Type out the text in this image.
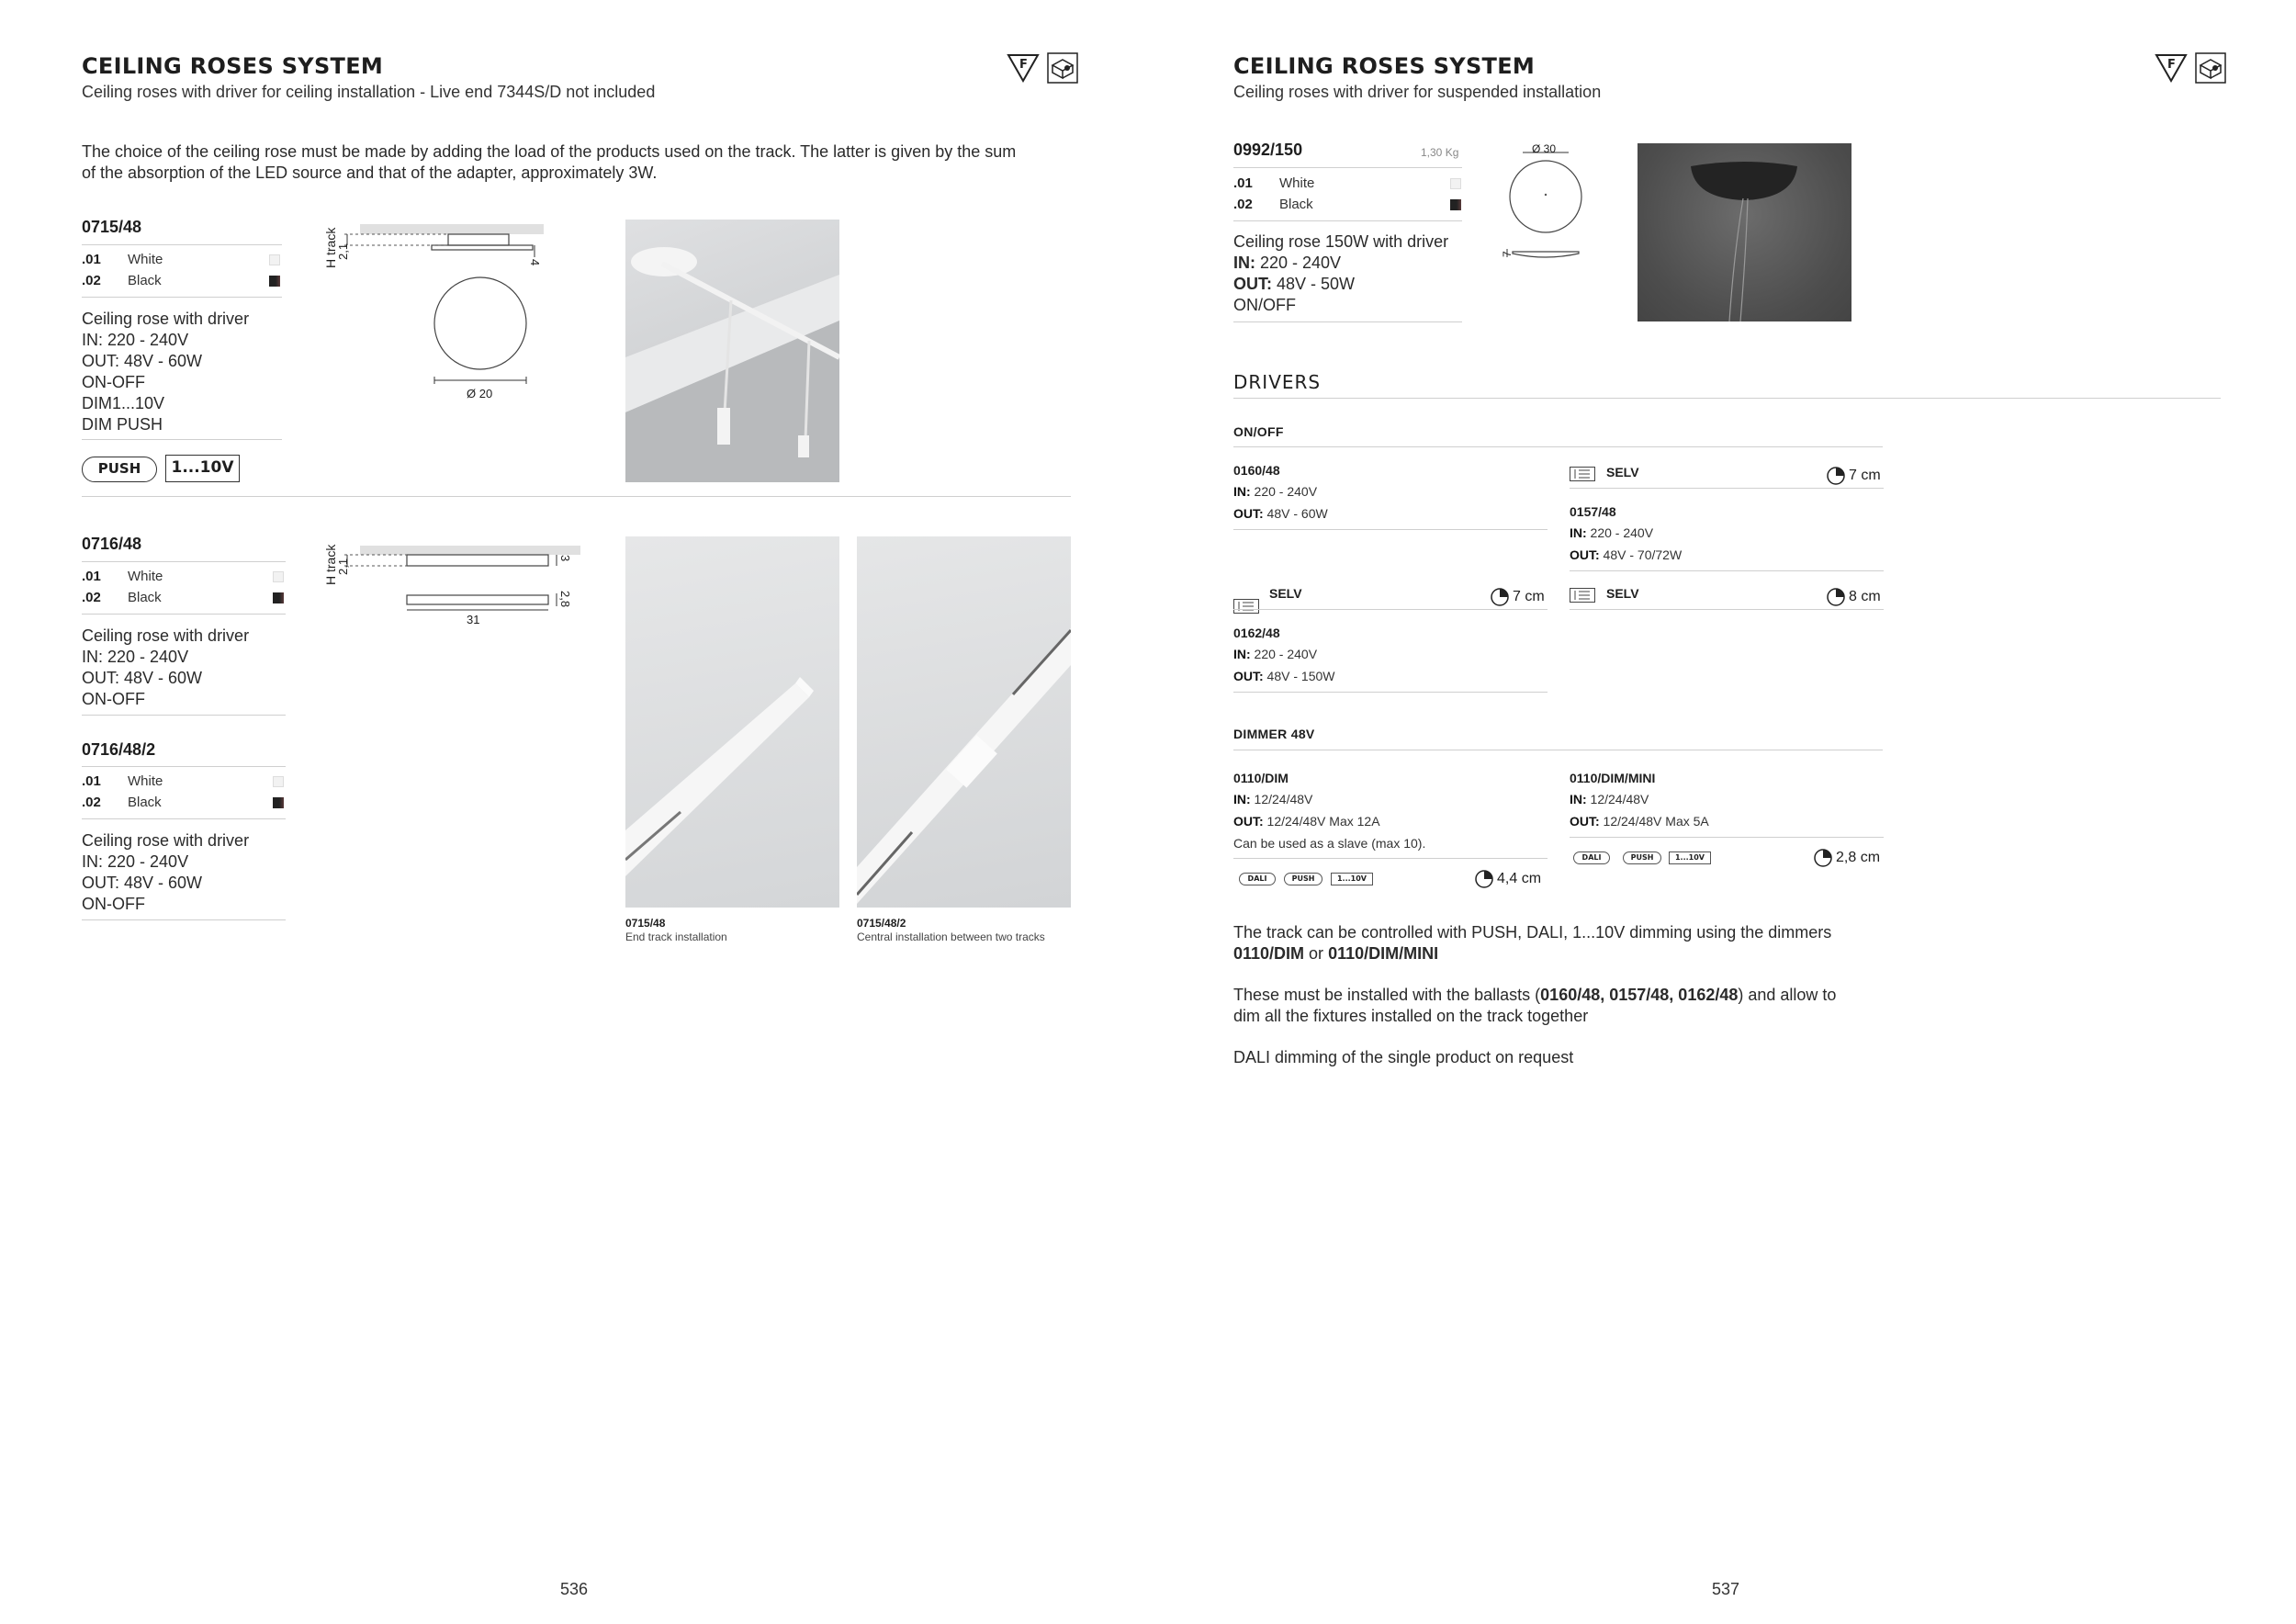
CEILING ROSES SYSTEM
Ceiling roses with driver for ceiling installation - Live end 7344S/D not included
F
The choice of the ceiling rose must be made by adding the load of the products used on the track. The latter is given by the sum
of the absorption of the LED source and that of the adapter, approximately 3W.
0715/48
.01 White
.02 Black
Ceiling rose with driver
IN: 220 - 240V
OUT: 48V - 60W
ON-OFF
DIM1...10V
DIM PUSH
PUSH	1...10V
H track
2,1
4
Ø 20
0716/48
.01 White
.02 Black
Ceiling rose with driver
IN: 220 - 240V
OUT: 48V - 60W
ON-OFF
H track
2,1
3
2,8
31
0716/48/2
.01 White
.02 Black
Ceiling rose with driver
IN: 220 - 240V
OUT: 48V - 60W
ON-OFF
0715/48
End track installation
0715/48/2
Central installation between two tracks
536
CEILING ROSES SYSTEM
Ceiling roses with driver for suspended installation
F
0992/150	1,30 Kg
.01 White
.02 Black
Ceiling rose 150W with driver
IN: 220 - 240V
OUT: 48V - 50W
ON/OFF
Ø 30
7
DRIVERS
ON/OFF
0160/48
IN: 220 - 240V
OUT: 48V - 60W
SELV	7 cm
0157/48
IN: 220 - 240V
OUT: 48V - 70/72W
SELV	7 cm
0162/48
IN: 220 - 240V
OUT: 48V - 150W
SELV	8 cm
DIMMER 48V
0110/DIM
IN: 12/24/48V
OUT: 12/24/48V Max 12A
Can be used as a slave (max 10).
DALI	PUSH	1...10V	4,4 cm
0110/DIM/MINI
IN: 12/24/48V
OUT: 12/24/48V Max 5A
DALI	PUSH	1...10V	2,8 cm
The track can be controlled with PUSH, DALI, 1...10V dimming using the dimmers
0110/DIM or 0110/DIM/MINI
These must be installed with the ballasts (0160/48, 0157/48, 0162/48) and allow to
dim all the fixtures installed on the track together
DALI dimming of the single product on request
537
